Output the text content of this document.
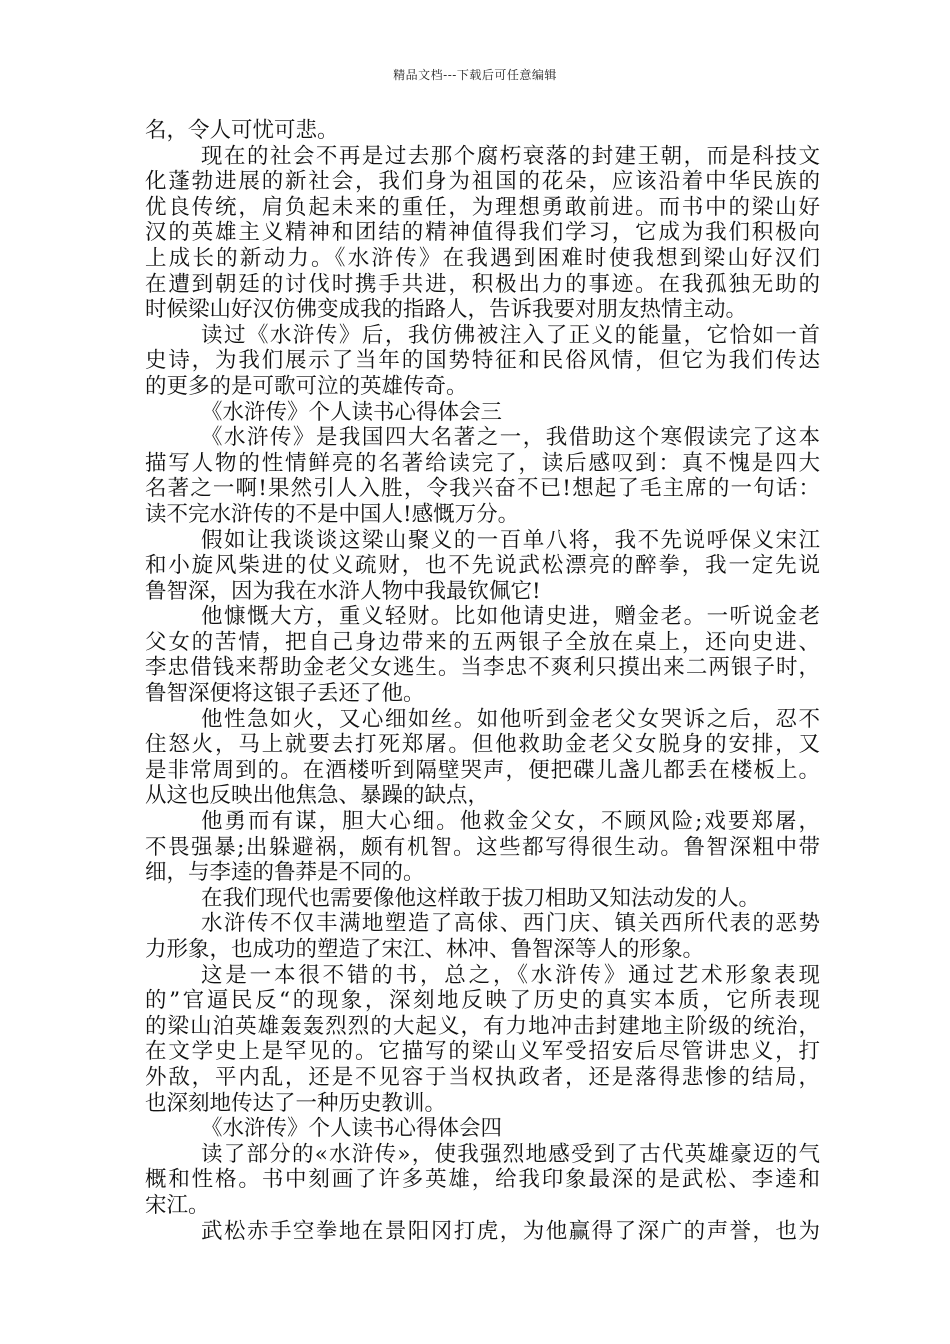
精品文档---下载后可任意编辑
名，令人可忧可悲。
现在的社会不再是过去那个腐朽衰落的封建王朝，而是科技文
化蓬勃进展的新社会，我们身为祖国的花朵，应该沿着中华民族的
优良传统，肩负起未来的重任，为理想勇敢前进。而书中的梁山好
汉的英雄主义精神和团结的精神值得我们学习，它成为我们积极向
上成长的新动力。《水浒传》在我遇到困难时使我想到梁山好汉们
在遭到朝廷的讨伐时携手共进，积极出力的事迹。在我孤独无助的
时候梁山好汉仿佛变成我的指路人，告诉我要对朋友热情主动。
读过《水浒传》后，我仿佛被注入了正义的能量，它恰如一首
史诗，为我们展示了当年的国势特征和民俗风情，但它为我们传达
的更多的是可歌可泣的英雄传奇。
《水浒传》个人读书心得体会三
《水浒传》是我国四大名著之一，我借助这个寒假读完了这本
描写人物的性情鲜亮的名著给读完了，读后感叹到：真不愧是四大
名著之一啊!果然引人入胜，令我兴奋不已!想起了毛主席的一句话：
读不完水浒传的不是中国人!感慨万分。
假如让我谈谈这梁山聚义的一百单八将，我不先说呼保义宋江
和小旋风柴进的仗义疏财，也不先说武松漂亮的醉拳，我一定先说
鲁智深，因为我在水浒人物中我最钦佩它!
他慷慨大方，重义轻财。比如他请史进，赠金老。一听说金老
父女的苦情，把自己身边带来的五两银子全放在桌上，还向史进、
李忠借钱来帮助金老父女逃生。当李忠不爽利只摸出来二两银子时，
鲁智深便将这银子丢还了他。
他性急如火，又心细如丝。如他听到金老父女哭诉之后，忍不
住怒火，马上就要去打死郑屠。但他救助金老父女脱身的安排，又
是非常周到的。在酒楼听到隔壁哭声，便把碟儿盏儿都丢在楼板上。
从这也反映出他焦急、暴躁的缺点，
他勇而有谋，胆大心细。他救金父女，不顾风险;戏要郑屠，
不畏强暴;出躲避祸，颇有机智。这些都写得很生动。鲁智深粗中带
细，与李逵的鲁莽是不同的。
在我们现代也需要像他这样敢于拔刀相助又知法动发的人。
水浒传不仅丰满地塑造了高俅、西门庆、镇关西所代表的恶势
力形象，也成功的塑造了宋江、林冲、鲁智深等人的形象。
这是一本很不错的书，总之，《水浒传》通过艺术形象表现
的”官逼民反“的现象，深刻地反映了历史的真实本质，它所表现
的梁山泊英雄轰轰烈烈的大起义，有力地冲击封建地主阶级的统治，
在文学史上是罕见的。它描写的梁山义军受招安后尽管讲忠义，打
外敌，平内乱，还是不见容于当权执政者，还是落得悲惨的结局，
也深刻地传达了一种历史教训。
《水浒传》个人读书心得体会四
读了部分的«水浒传»，使我强烈地感受到了古代英雄豪迈的气
概和性格。书中刻画了许多英雄，给我印象最深的是武松、李逵和
宋江。
武松赤手空拳地在景阳冈打虎，为他赢得了深广的声誉，也为
